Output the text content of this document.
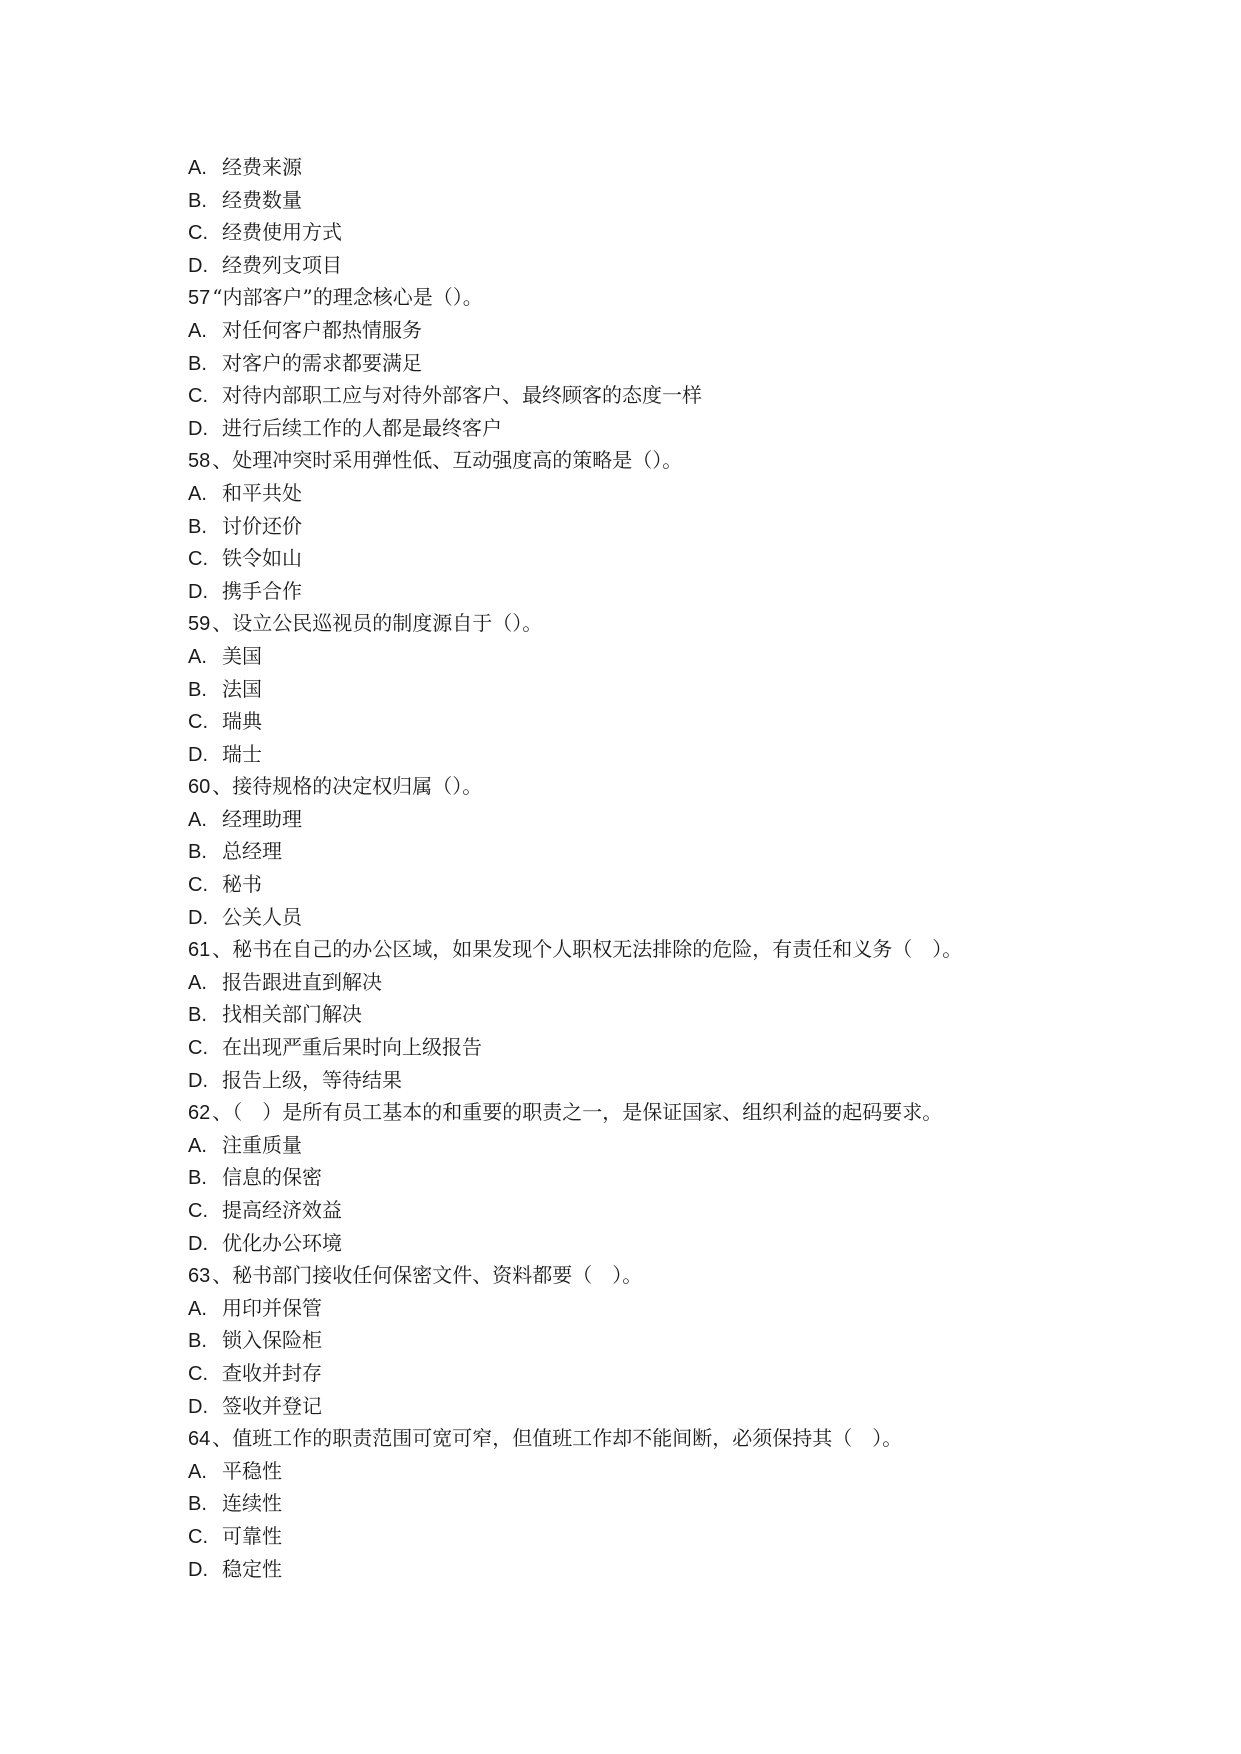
A. 经费来源
B. 经费数量
C. 经费使用方式
D. 经费列支项目
57 “内部客户”的理念核心是（）。
A. 对任何客户都热情服务
B. 对客户的需求都要满足
C. 对待内部职工应与对待外部客户、最终顾客的态度一样
D. 进行后续工作的人都是最终客户
58 、处理冲突时采用弹性低、互动强度高的策略是（）。
A. 和平共处
B. 讨价还价
C. 铁令如山
D. 携手合作
59 、设立公民巡视员的制度源自于（）。
A. 美国
B. 法国
C. 瑞典
D. 瑞士
60 、接待规格的决定权归属（）。
A. 经理助理
B. 总经理
C. 秘书
D. 公关人员
61 、秘书在自己的办公区域，如果发现个人职权无法排除的危险，有责任和义务（　）。
A. 报告跟进直到解决
B. 找相关部门解决
C. 在出现严重后果时向上级报告
D. 报告上级，等待结果
62 、（　）是所有员工基本的和重要的职责之一，是保证国家、组织利益的起码要求。
A. 注重质量
B. 信息的保密
C. 提高经济效益
D. 优化办公环境
63 、秘书部门接收任何保密文件、资料都要（　）。
A. 用印并保管
B. 锁入保险柜
C. 查收并封存
D. 签收并登记
64 、值班工作的职责范围可宽可窄，但值班工作却不能间断，必须保持其（　）。
A. 平稳性
B. 连续性
C. 可靠性
D. 稳定性
